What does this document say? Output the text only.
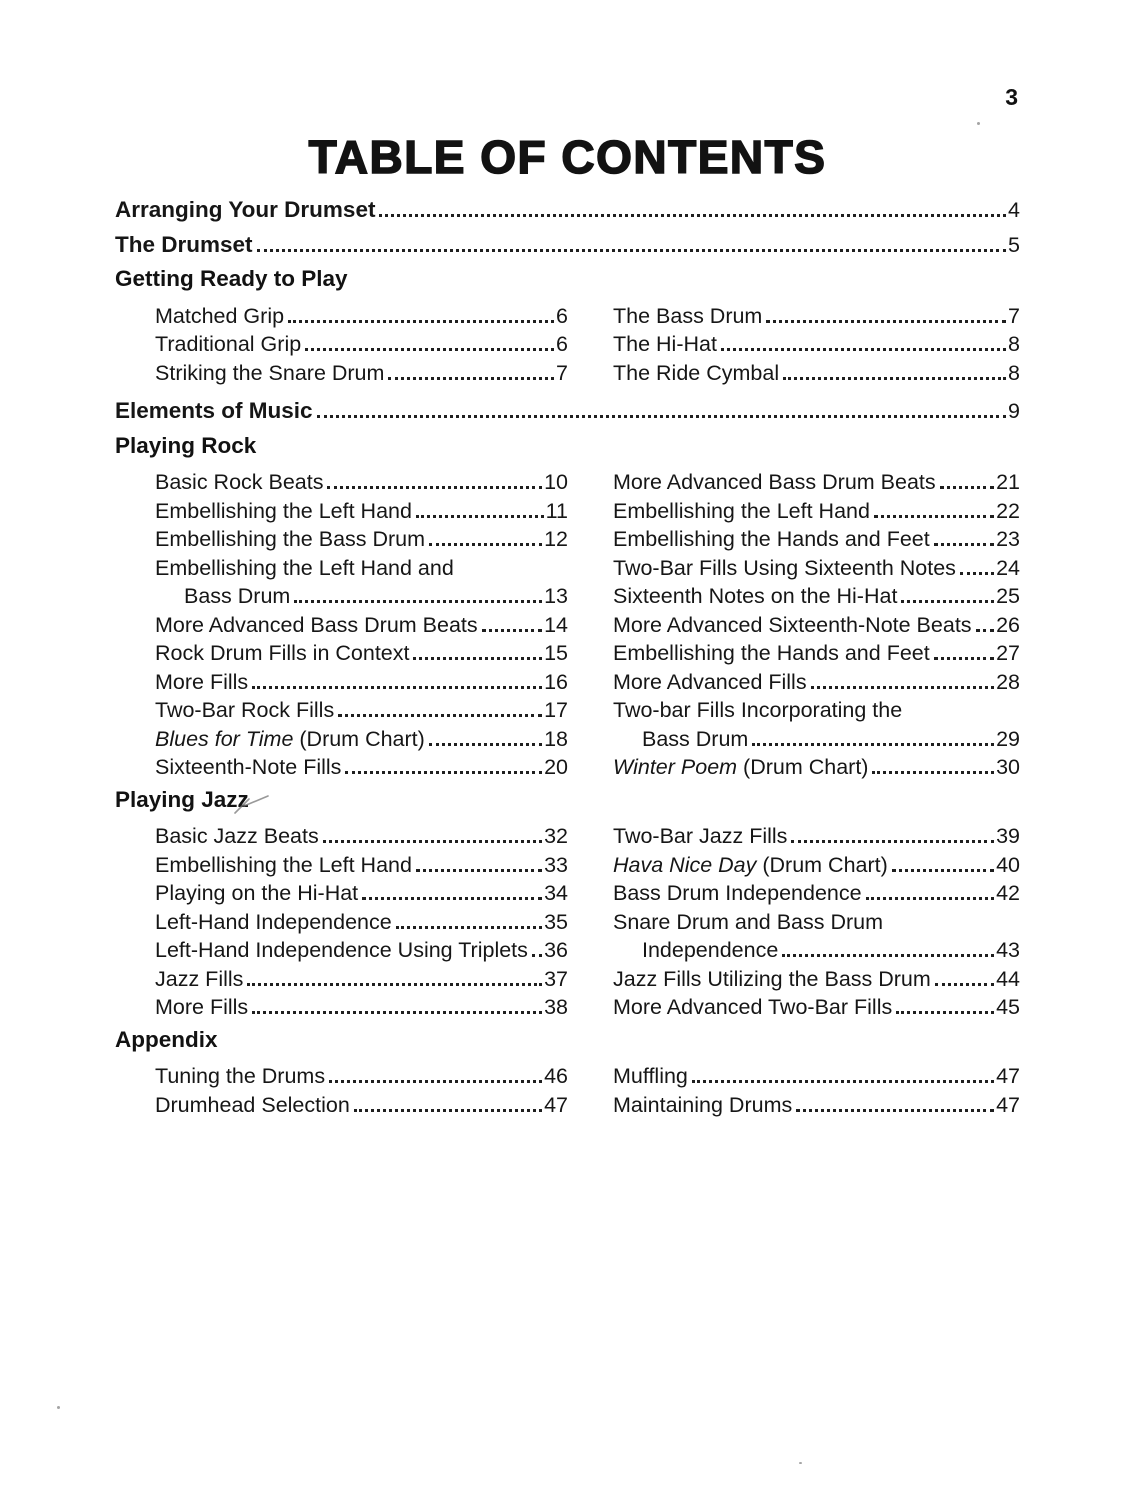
3
TABLE OF CONTENTS
Arranging Your Drumset	4
The Drumset	5
Getting Ready to Play
Matched Grip	6
Traditional Grip	6
Striking the Snare Drum	7
The Bass Drum	7
The Hi-Hat	8
The Ride Cymbal	8
Elements of Music	9
Playing Rock
Basic Rock Beats	10
Embellishing the Left Hand	11
Embellishing the Bass Drum	12
Embellishing the Left Hand and
Bass Drum	13
More Advanced Bass Drum Beats	14
Rock Drum Fills in Context	15
More Fills	16
Two-Bar Rock Fills	17
Blues for Time (Drum Chart)	18
Sixteenth-Note Fills	20
More Advanced Bass Drum Beats	21
Embellishing the Left Hand	22
Embellishing the Hands and Feet	23
Two-Bar Fills Using Sixteenth Notes 24
Sixteenth Notes on the Hi-Hat	25
More Advanced Sixteenth-Note Beats 26
Embellishing the Hands and Feet	27
More Advanced Fills	28
Two-bar Fills Incorporating the
Bass Drum	29
Winter Poem (Drum Chart)	30
Playing Jazz
Basic Jazz Beats	32
Embellishing the Left Hand	33
Playing on the Hi-Hat	34
Left-Hand Independence	35
Left-Hand Independence Using Triplets 36
Jazz Fills	37
More Fills	38
Two-Bar Jazz Fills	39
Hava Nice Day (Drum Chart)	40
Bass Drum Independence	42
Snare Drum and Bass Drum
Independence	43
Jazz Fills Utilizing the Bass Drum	44
More Advanced Two-Bar Fills	45
Appendix
Tuning the Drums	46
Drumhead Selection	47
Muffling	47
Maintaining Drums	47
